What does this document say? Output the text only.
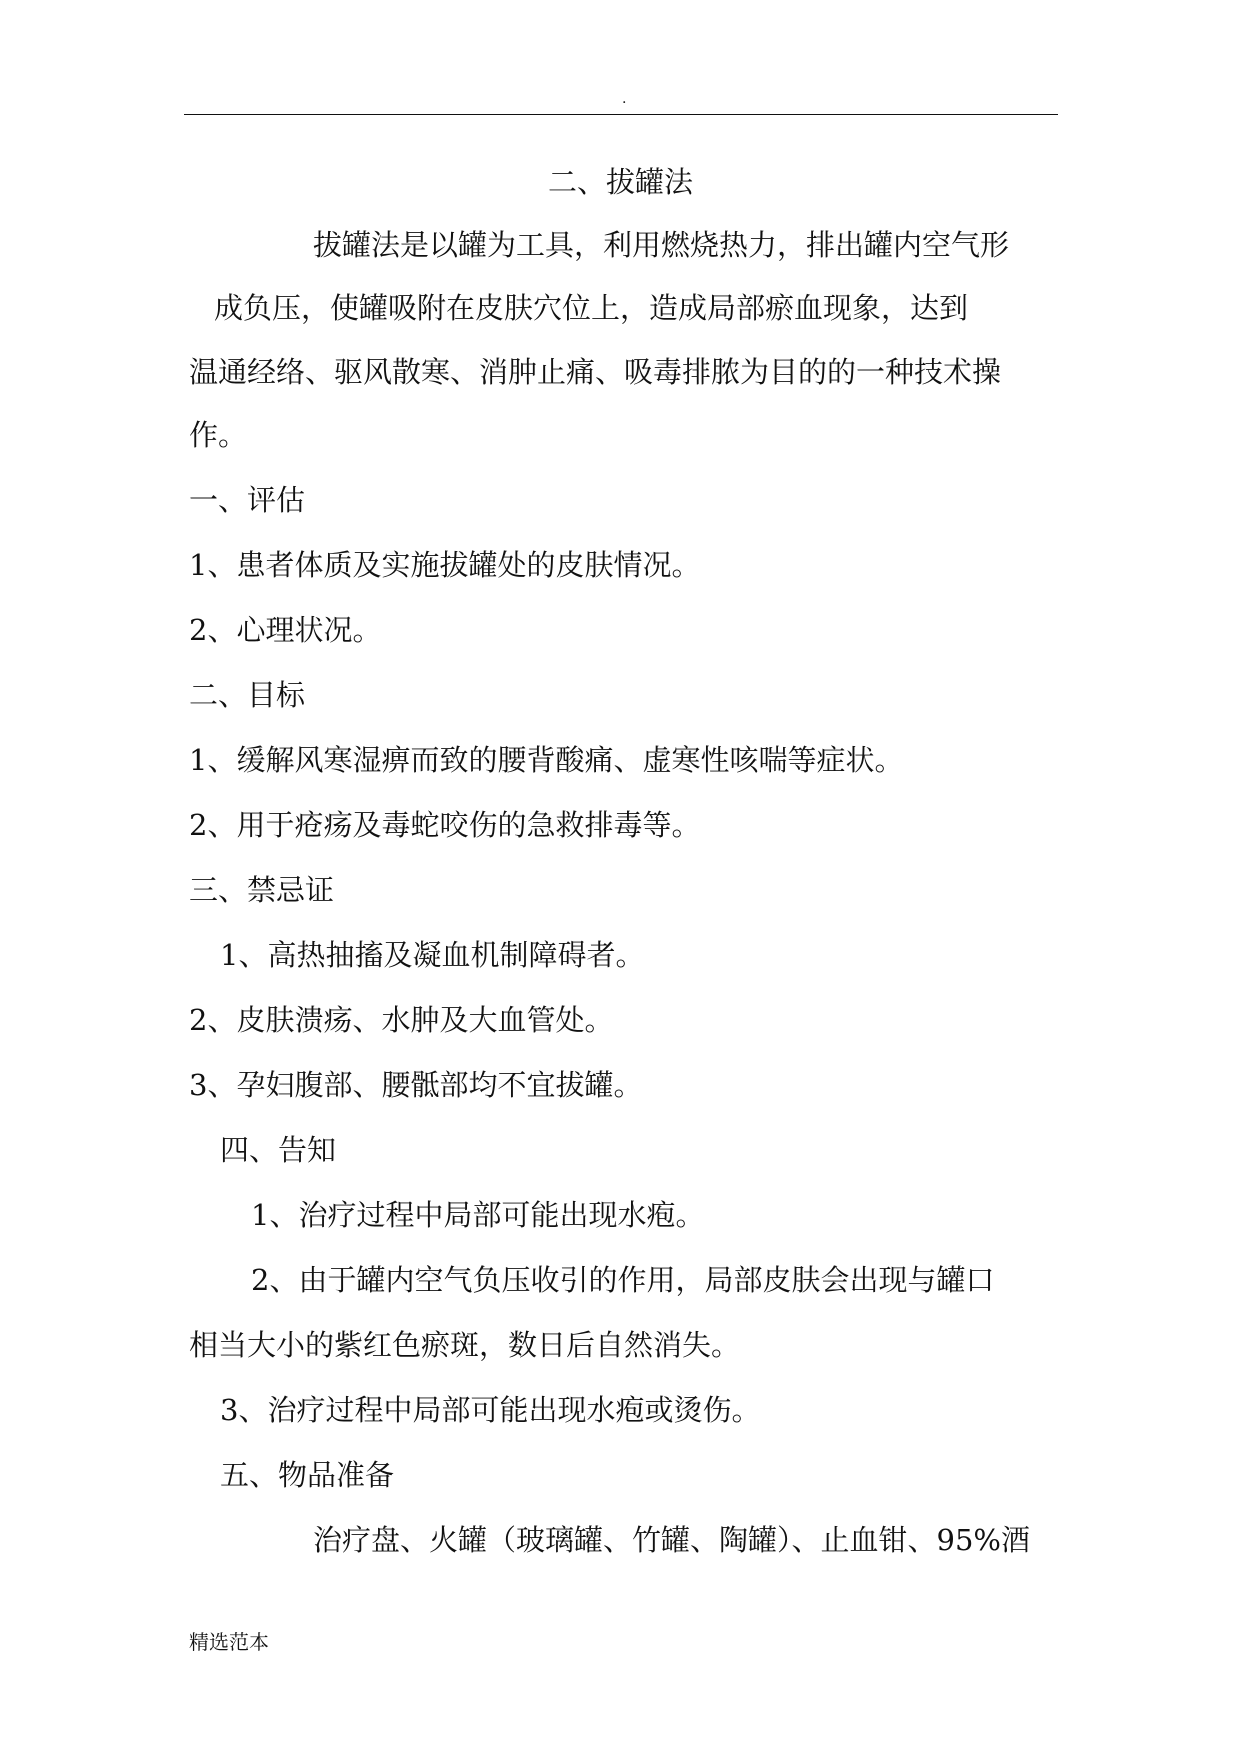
.
二、拔罐法
拔罐法是以罐为工具，利用燃烧热力，排出罐内空气形
成负压，使罐吸附在皮肤穴位上，造成局部瘀血现象，达到
温通经络、驱风散寒、消肿止痛、吸毒排脓为目的的一种技术操
作。
一、评估
1、患者体质及实施拔罐处的皮肤情况。
2、心理状况。
二、目标
1、缓解风寒湿痹而致的腰背酸痛、虚寒性咳喘等症状。
2、用于疮疡及毒蛇咬伤的急救排毒等。
三、禁忌证
1、高热抽搐及凝血机制障碍者。
2、皮肤溃疡、水肿及大血管处。
3、孕妇腹部、腰骶部均不宜拔罐。
四、告知
1、治疗过程中局部可能出现水疱。
2、由于罐内空气负压收引的作用，局部皮肤会出现与罐口
相当大小的紫红色瘀斑，数日后自然消失。
3、治疗过程中局部可能出现水疱或烫伤。
五、物品准备
治疗盘、火罐（玻璃罐、竹罐、陶罐）、止血钳、95%酒
精选范本
